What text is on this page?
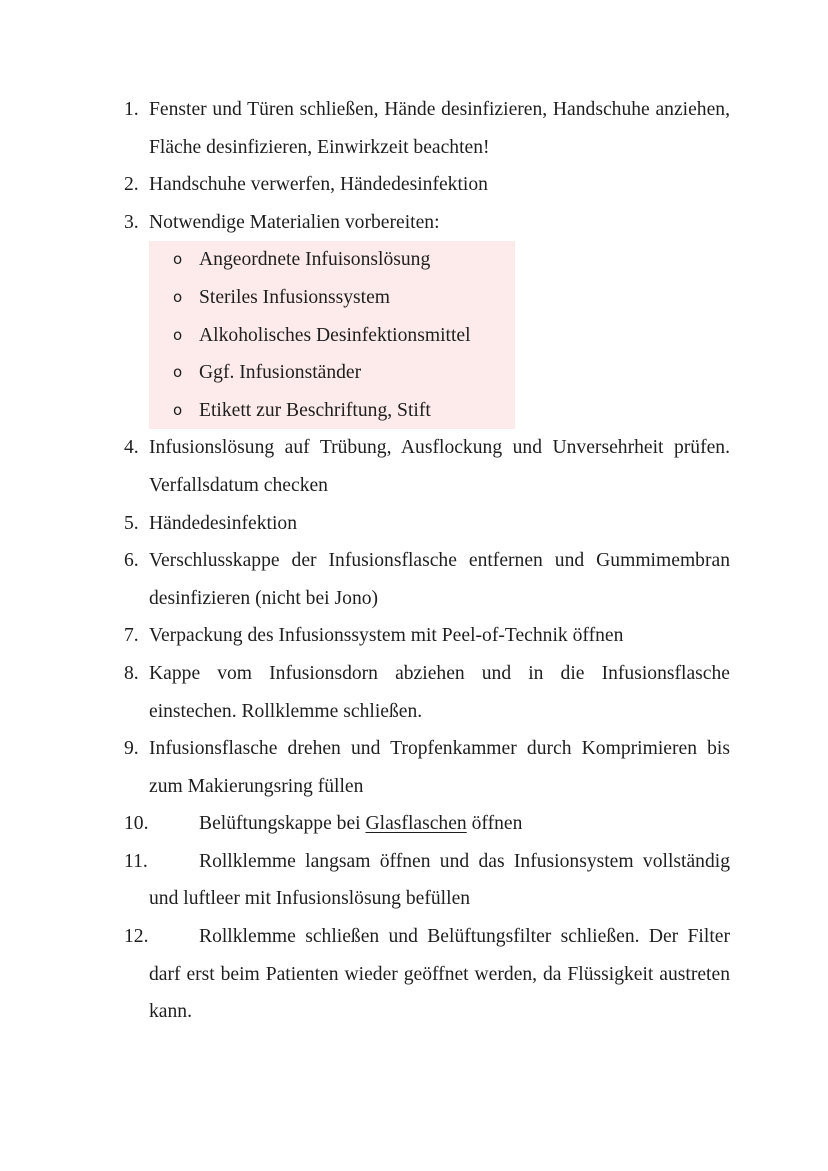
1. Fenster und Türen schließen, Hände desinfizieren, Handschuhe anziehen, Fläche desinfizieren, Einwirkzeit beachten!
2. Handschuhe verwerfen, Händedesinfektion
3. Notwendige Materialien vorbereiten:
o Angeordnete Infuisonslösung
o Steriles Infusionssystem
o Alkoholisches Desinfektionsmittel
o Ggf. Infusionständer
o Etikett zur Beschriftung, Stift
4. Infusionslösung auf Trübung, Ausflockung und Unversehrheit prüfen. Verfallsdatum checken
5. Händedesinfektion
6. Verschlusskappe der Infusionsflasche entfernen und Gummimembran desinfizieren (nicht bei Jono)
7. Verpackung des Infusionssystem mit Peel-of-Technik öffnen
8. Kappe vom Infusionsdorn abziehen und in die Infusionsflasche einstechen. Rollklemme schließen.
9. Infusionsflasche drehen und Tropfenkammer durch Komprimieren bis zum Makierungsring füllen
10.	Belüftungskappe bei Glasflaschen öffnen
11.	Rollklemme langsam öffnen und das Infusionsystem vollständig und luftleer mit Infusionslösung befüllen
12.	Rollklemme schließen und Belüftungsfilter schließen. Der Filter darf erst beim Patienten wieder geöffnet werden, da Flüssigkeit austreten kann.
